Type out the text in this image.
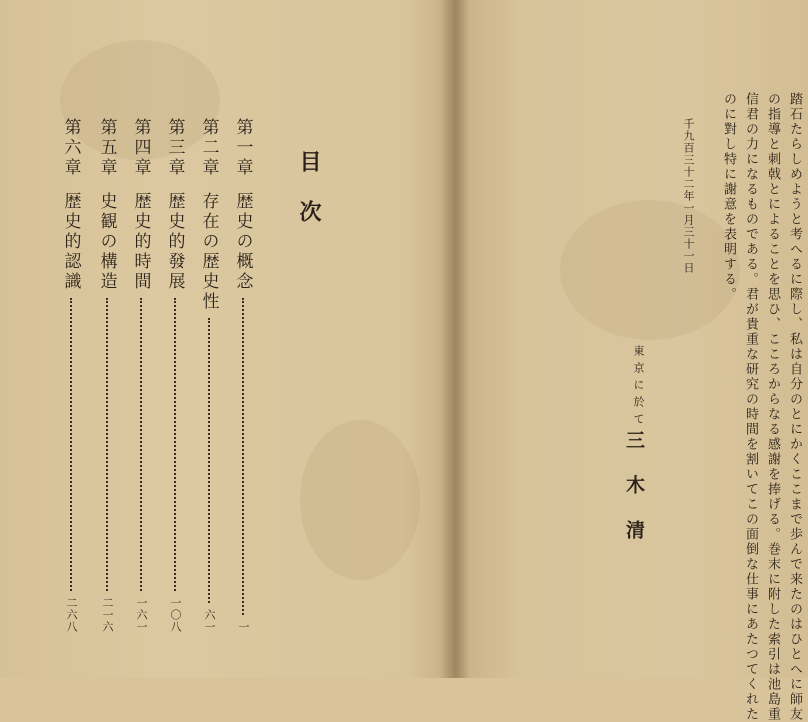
目次
第一章
歴史の概念
一
第二章
存在の歴史性
六一
第三章
歴史的發展
一〇八
第四章
歴史的時間
一六一
第五章
史観の構造
二一六
第六章
歴史的認識
二六八	踏石たらしめようと考へるに際し、私は自分のとにかくここまで歩んで来たのはひとへに師友
の指導と刺戟とによることを思ひ、こころからなる感謝を捧げる。巻末に附した索引は池島重
信君の力になるものである。君が貴重な研究の時間を割いてこの面倒な仕事にあたつてくれた
のに對し特に謝意を表明する。
千九百三十二年一月三十一日
東京に於て
三木清
